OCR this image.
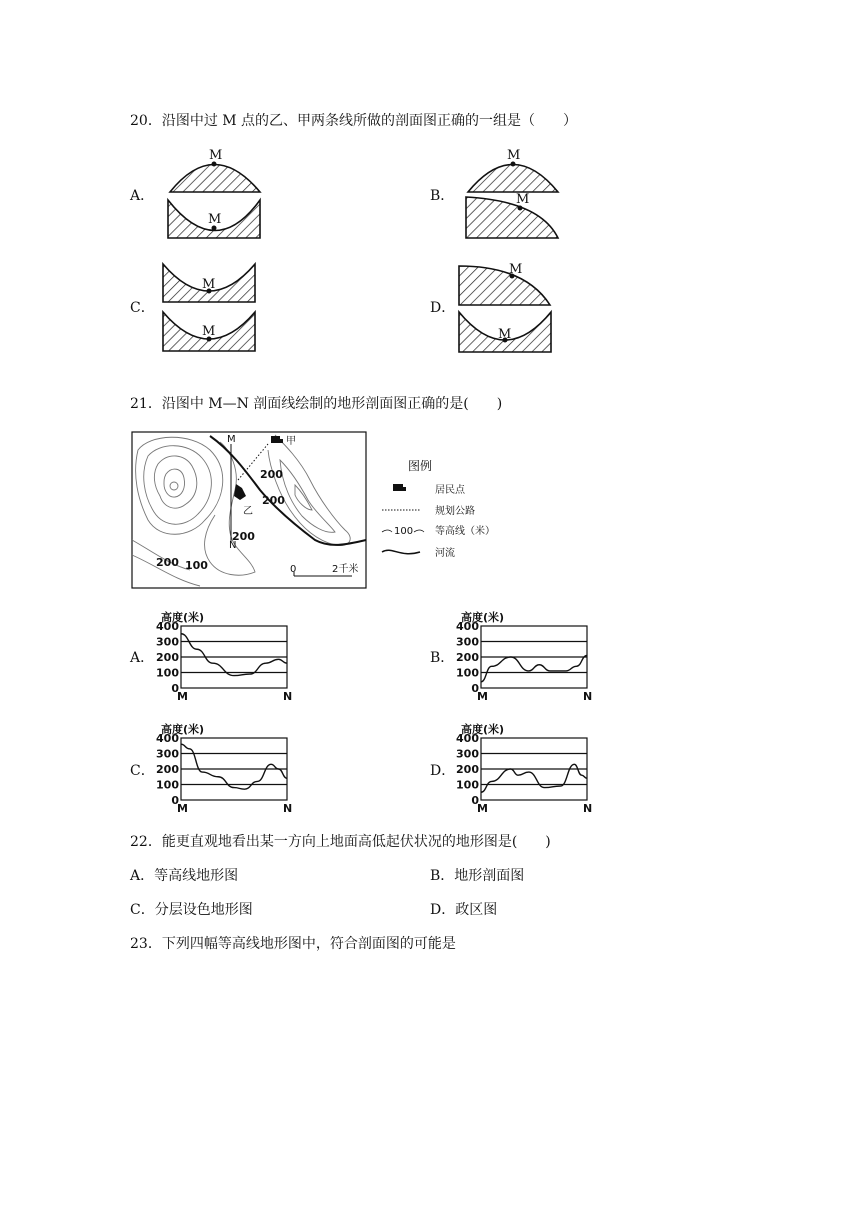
20．沿图中过 M 点的乙、甲两条线所做的剖面图正确的一组是（　　）
A．
M
M
B．
M
M
C．
M
M
D．
M
M
21．沿图中 M—N 剖面线绘制的地形剖面图正确的是(　　)
M
N
甲
乙
200
200
200
200 100	0	2千米
图例
居民点
规划公路
100 等高线（米）
河流
A．	B．
C．	D．
高度(米)
400
300
200
100
0
M	N
高度(米)
400
300
200
100
0
M	N
高度(米)
400
300
200
100
0
M	N
高度(米)
400
300
200
100
0
M	N
22．能更直观地看出某一方向上地面高低起伏状况的地形图是(　　)
A．等高线地形图	B．地形剖面图
C．分层设色地形图	D．政区图
23．下列四幅等高线地形图中，符合剖面图的可能是
